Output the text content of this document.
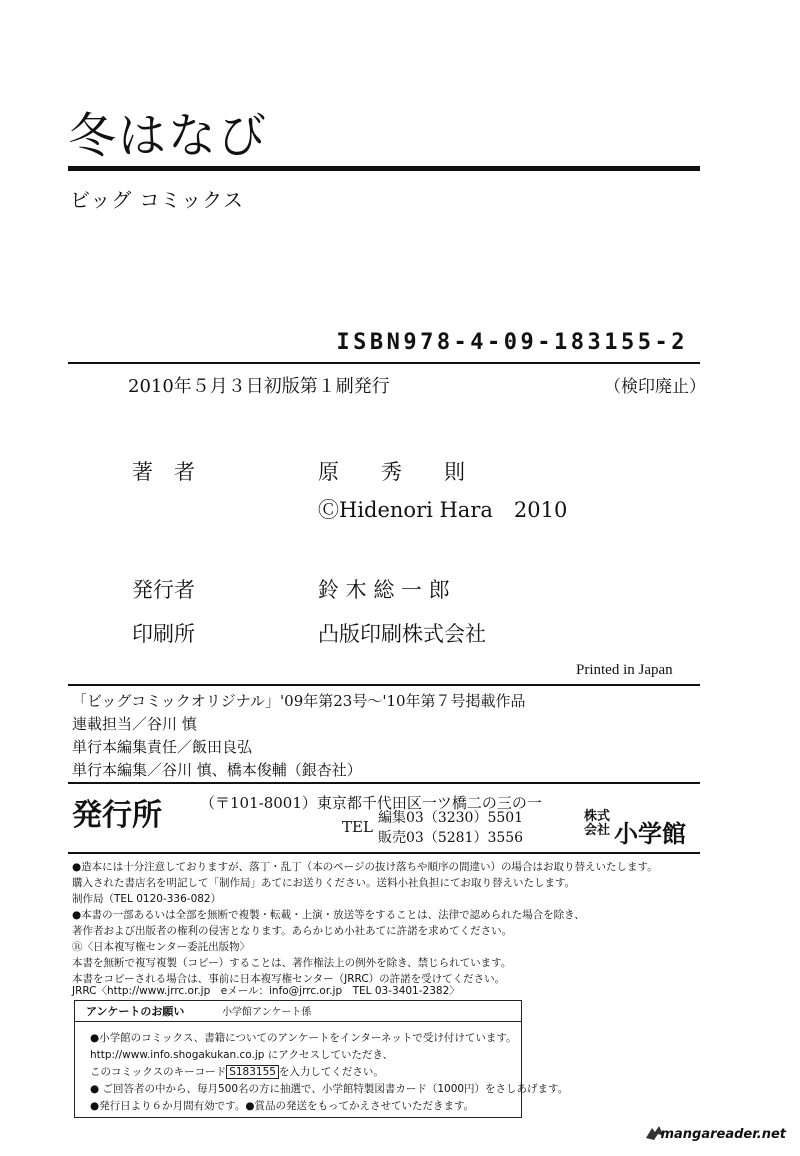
冬はなび
ビッグ コミックス
ISBN978-4-09-183155-2
2010年５月３日初版第１刷発行	（検印廃止）
著　者	原　　秀　　則
ⒸHidenori Hara　2010
発行者	鈴 木 総 一 郎
印刷所	凸版印刷株式会社
Printed in Japan
「ビッグコミックオリジナル」'09年第23号〜'10年第７号掲載作品
連載担当／谷川 慎
単行本編集責任／飯田良弘
単行本編集／谷川 慎、橋本俊輔（銀杏社）
発行所	（〒101-8001）東京都千代田区一ツ橋二の三の一
TEL 編集03（3230）5501
販売03（5281）3556
株式
会社 小学館
●造本には十分注意しておりますが、落丁・乱丁（本のページの抜け落ちや順序の間違い）の場合はお取り替えいたします。
購入された書店名を明記して「制作局」あてにお送りください。送料小社負担にてお取り替えいたします。
制作局（TEL 0120-336-082）
●本書の一部あるいは全部を無断で複製・転載・上演・放送等をすることは、法律で認められた場合を除き、
著作者および出版者の権利の侵害となります。あらかじめ小社あてに許諾を求めてください。
Ⓡ〈日本複写権センター委託出版物〉
本書を無断で複写複製（コピー）することは、著作権法上の例外を除き、禁じられています。
本書をコピーされる場合は、事前に日本複写権センター（JRRC）の許諾を受けてください。
JRRC〈http://www.jrrc.or.jp　eメール：info@jrrc.or.jp　TEL 03-3401-2382〉
アンケートのお願い	小学館アンケート係
●小学館のコミックス、書籍についてのアンケートをインターネットで受け付けています。
http://www.info.shogakukan.co.jp にアクセスしていただき、
このコミックスのキーコード S183155 を入力してください。
● ご回答者の中から、毎月500名の方に抽選で、小学館特製図書カード（1000円）をさしあげます。
●発行日より６か月間有効です。●賞品の発送をもってかえさせていただきます。
mangareader.net
